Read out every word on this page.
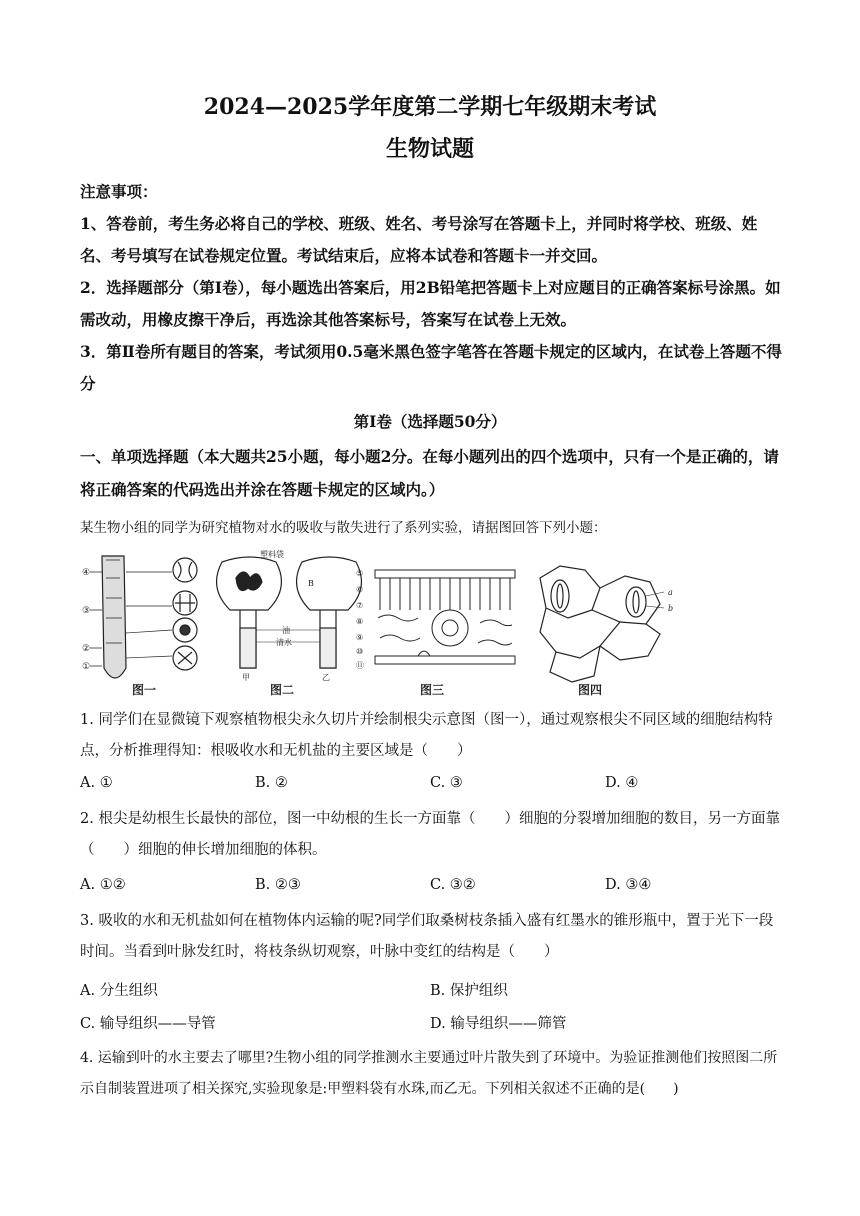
2024—2025学年度第二学期七年级期末考试
生物试题

注意事项：

1、答卷前，考生务必将自己的学校、班级、姓名、考号涂写在答题卡上，并同时将学校、班级、姓名、考号填写在试卷规定位置。考试结束后，应将本试卷和答题卡一并交回。

2．选择题部分（第Ⅰ卷），每小题选出答案后，用2B铅笔把答题卡上对应题目的正确答案标号涂黑。如需改动，用橡皮擦干净后，再选涂其他答案标号，答案写在试卷上无效。

3．第Ⅱ卷所有题目的答案，考试须用0.5毫米黑色签字笔答在答题卡规定的区域内，在试卷上答题不得分

第Ⅰ卷（选择题50分）
一、单项选择题（本大题共25小题，每小题2分。在每小题列出的四个选项中，只有一个是正确的，请将正确答案的代码选出并涂在答题卡规定的区域内。）
某生物小组的同学为研究植物对水的吸收与散失进行了系列实验，请据图回答下列小题：
④
③
②
①
塑料袋
B
油
清水
甲	乙
⑤
⑥
⑦
⑧
⑨
⑩
⑪
a
b
图一	图二	图三	图四
1. 同学们在显微镜下观察植物根尖永久切片并绘制根尖示意图（图一），通过观察根尖不同区域的细胞结构特点，分析推理得知：根吸收水和无机盐的主要区域是（　　）
A. ①	B. ②	C. ③	D. ④
2. 根尖是幼根生长最快的部位，图一中幼根的生长一方面靠（　　）细胞的分裂增加细胞的数目，另一方面靠（　　）细胞的伸长增加细胞的体积。
A. ①②	B. ②③	C. ③②	D. ③④
3. 吸收的水和无机盐如何在植物体内运输的呢?同学们取桑树枝条插入盛有红墨水的锥形瓶中，置于光下一段时间。当看到叶脉发红时，将枝条纵切观察，叶脉中变红的结构是（　　）
A. 分生组织	B. 保护组织
C. 输导组织——导管	D. 输导组织——筛管
4. 运输到叶的水主要去了哪里?生物小组的同学推测水主要通过叶片散失到了环境中。为验证推测他们按照图二所示自制装置进项了相关探究,实验现象是:甲塑料袋有水珠,而乙无。下列相关叙述不正确的是(　　)
